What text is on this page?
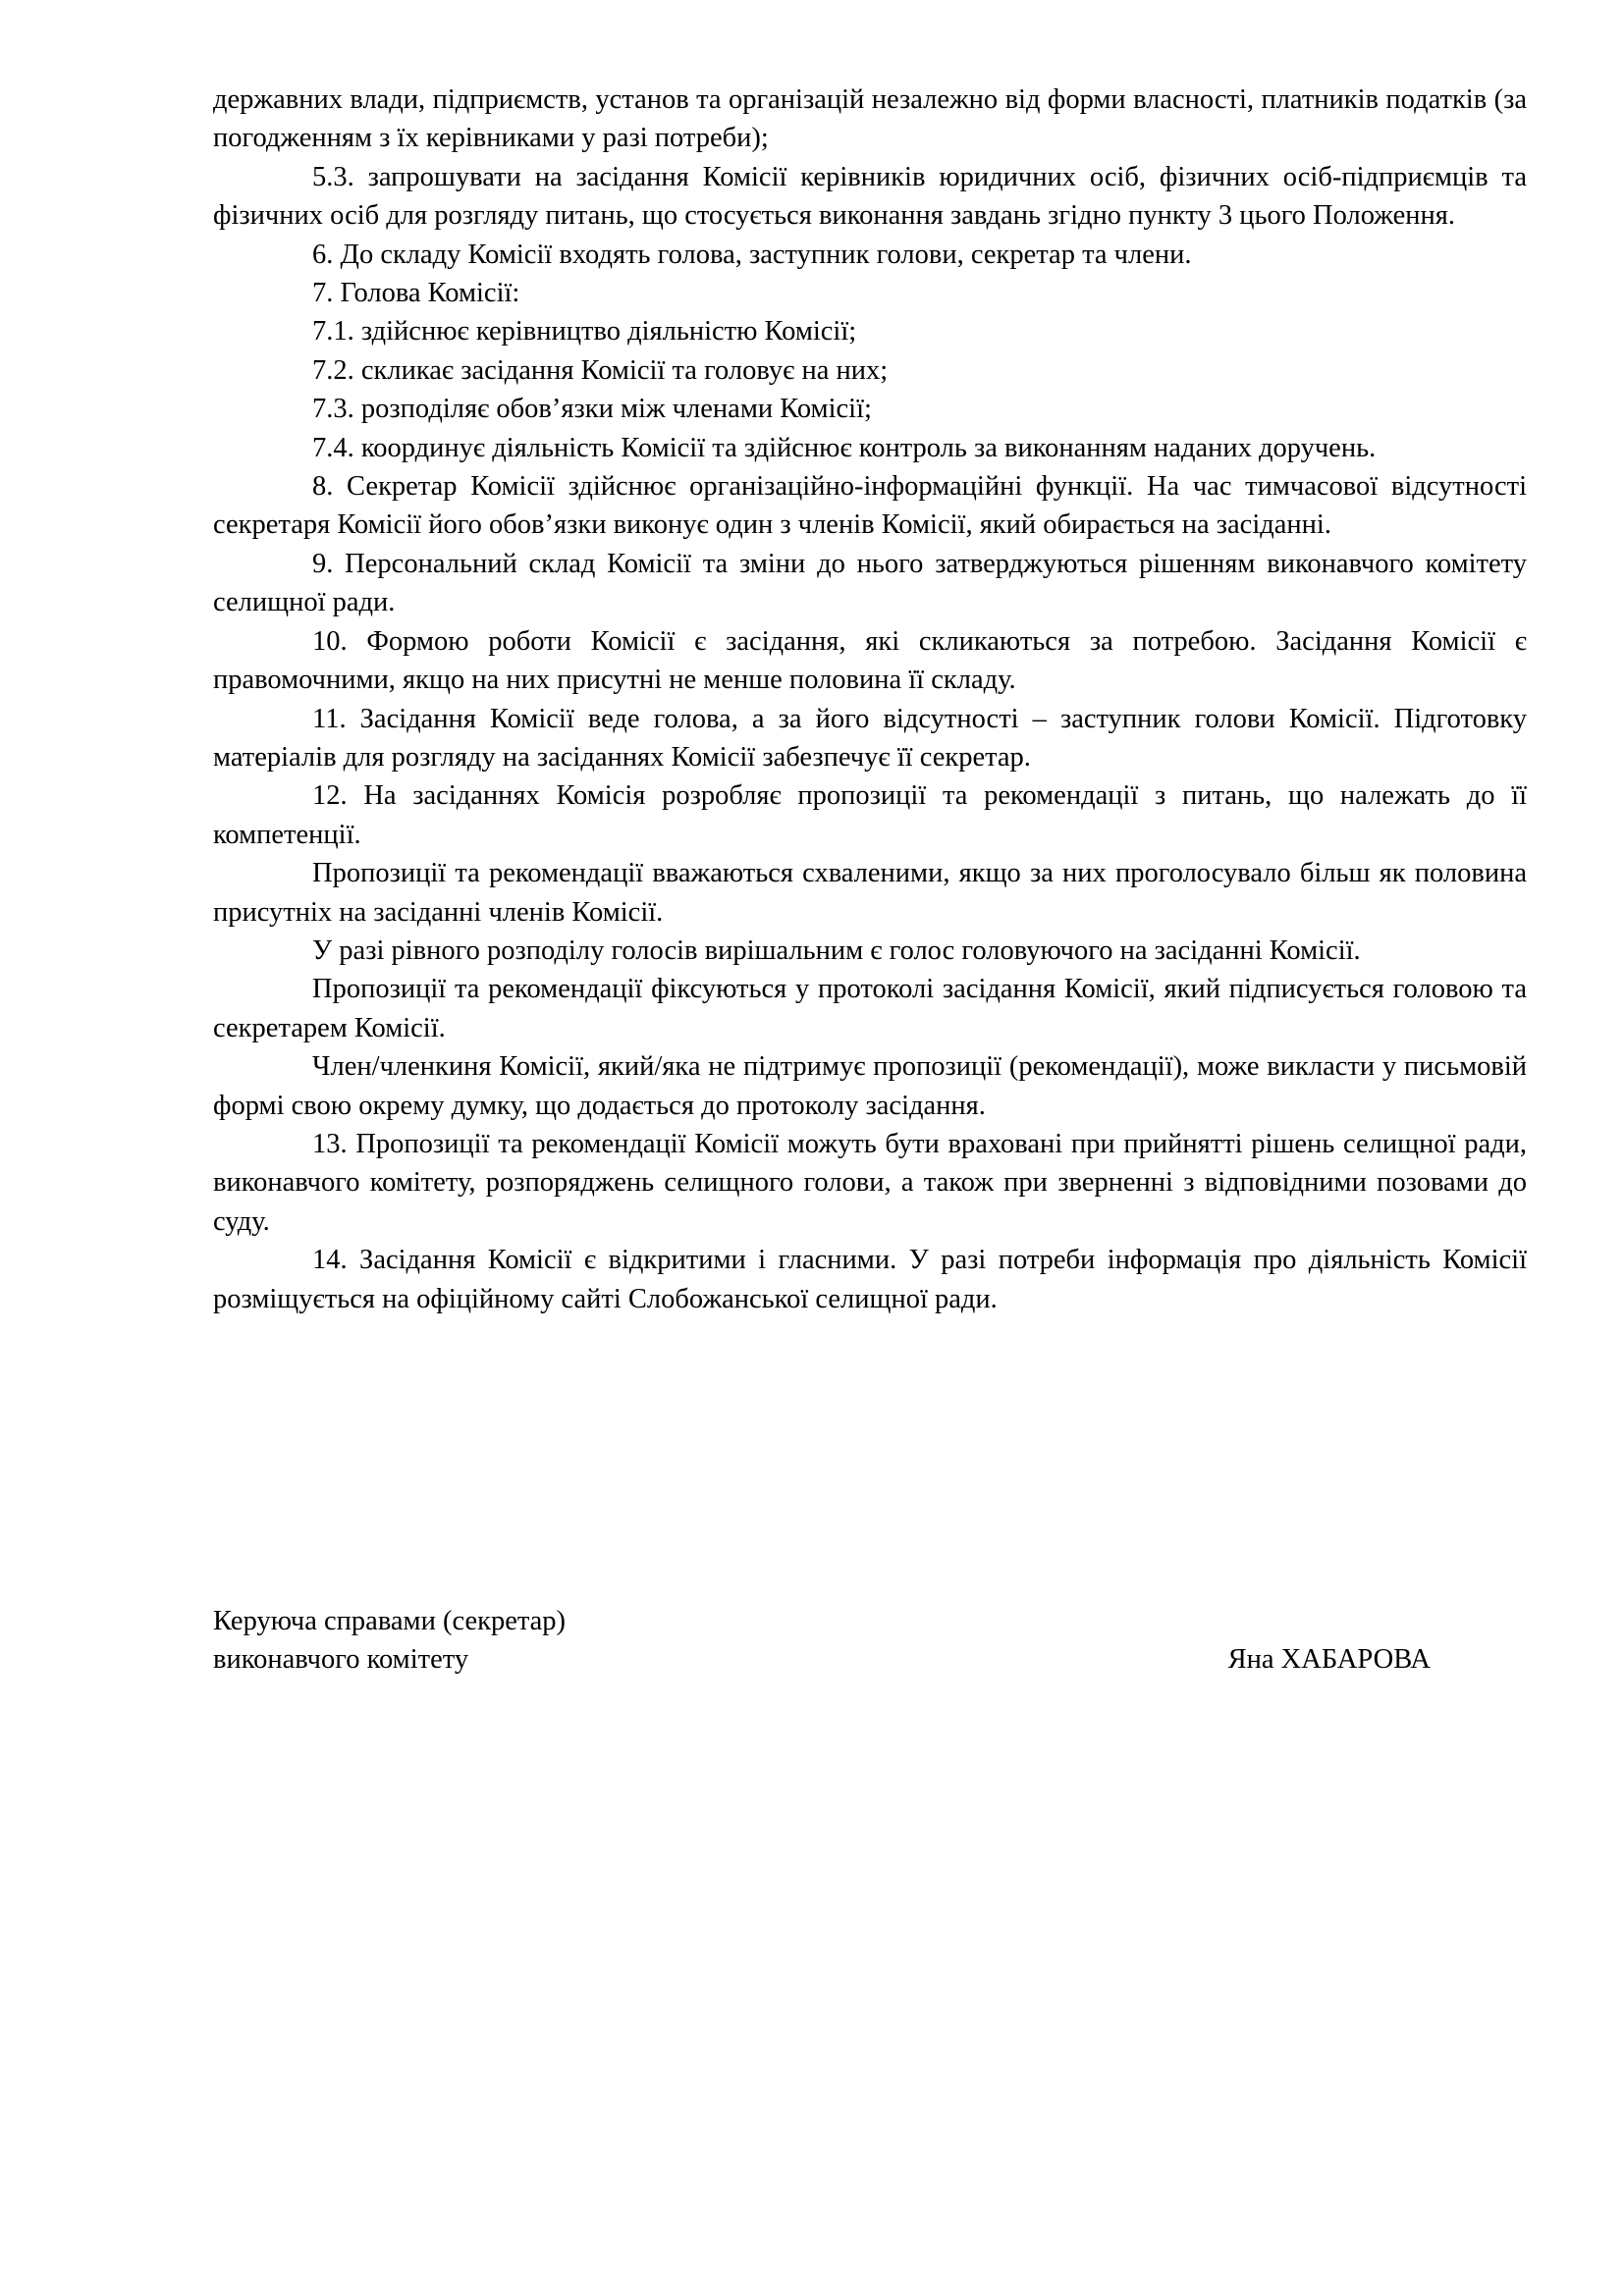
державних влади, підприємств, установ та організацій незалежно від форми власності, платників податків (за погодженням з їх керівниками у разі потреби);

5.3. запрошувати на засідання Комісії керівників юридичних осіб, фізичних осіб-підприємців та фізичних осіб для розгляду питань, що стосується виконання завдань згідно пункту 3 цього Положення.

6. До складу Комісії входять голова, заступник голови, секретар та члени.

7. Голова Комісії:

7.1. здійснює керівництво діяльністю Комісії;

7.2. скликає засідання Комісії та головує на них;

7.3. розподіляє обов’язки між членами Комісії;

7.4. координує діяльність Комісії та здійснює контроль за виконанням наданих доручень.

8. Секретар Комісії здійснює організаційно-інформаційні функції. На час тимчасової відсутності секретаря Комісії його обов’язки виконує один з членів Комісії, який обирається на засіданні.

9. Персональний склад Комісії та зміни до нього затверджуються рішенням виконавчого комітету селищної ради.

10. Формою роботи Комісії є засідання, які скликаються за потребою. Засідання Комісії є правомочними, якщо на них присутні не менше половина її складу.

11. Засідання Комісії веде голова, а за його відсутності – заступник голови Комісії. Підготовку матеріалів для розгляду на засіданнях Комісії забезпечує її секретар.

12. На засіданнях Комісія розробляє пропозиції та рекомендації з питань, що належать до її компетенції.

Пропозиції та рекомендації вважаються схваленими, якщо за них проголосувало більш як половина присутніх на засіданні членів Комісії.

У разі рівного розподілу голосів вирішальним є голос головуючого на засіданні Комісії.

Пропозиції та рекомендації фіксуються у протоколі засідання Комісії, який підписується головою та секретарем Комісії.

Член/членкиня Комісії, який/яка не підтримує пропозиції (рекомендації), може викласти у письмовій формі свою окрему думку, що додається до протоколу засідання.

13. Пропозиції та рекомендації Комісії можуть бути враховані при прийнятті рішень селищної ради, виконавчого комітету, розпоряджень селищного голови, а також при зверненні з відповідними позовами до суду.

14. Засідання Комісії є відкритими і гласними. У разі потреби інформація про діяльність Комісії розміщується на офіційному сайті Слобожанської селищної ради.

Керуюча справами (секретар)
виконавчого комітету	Яна ХАБАРОВА
